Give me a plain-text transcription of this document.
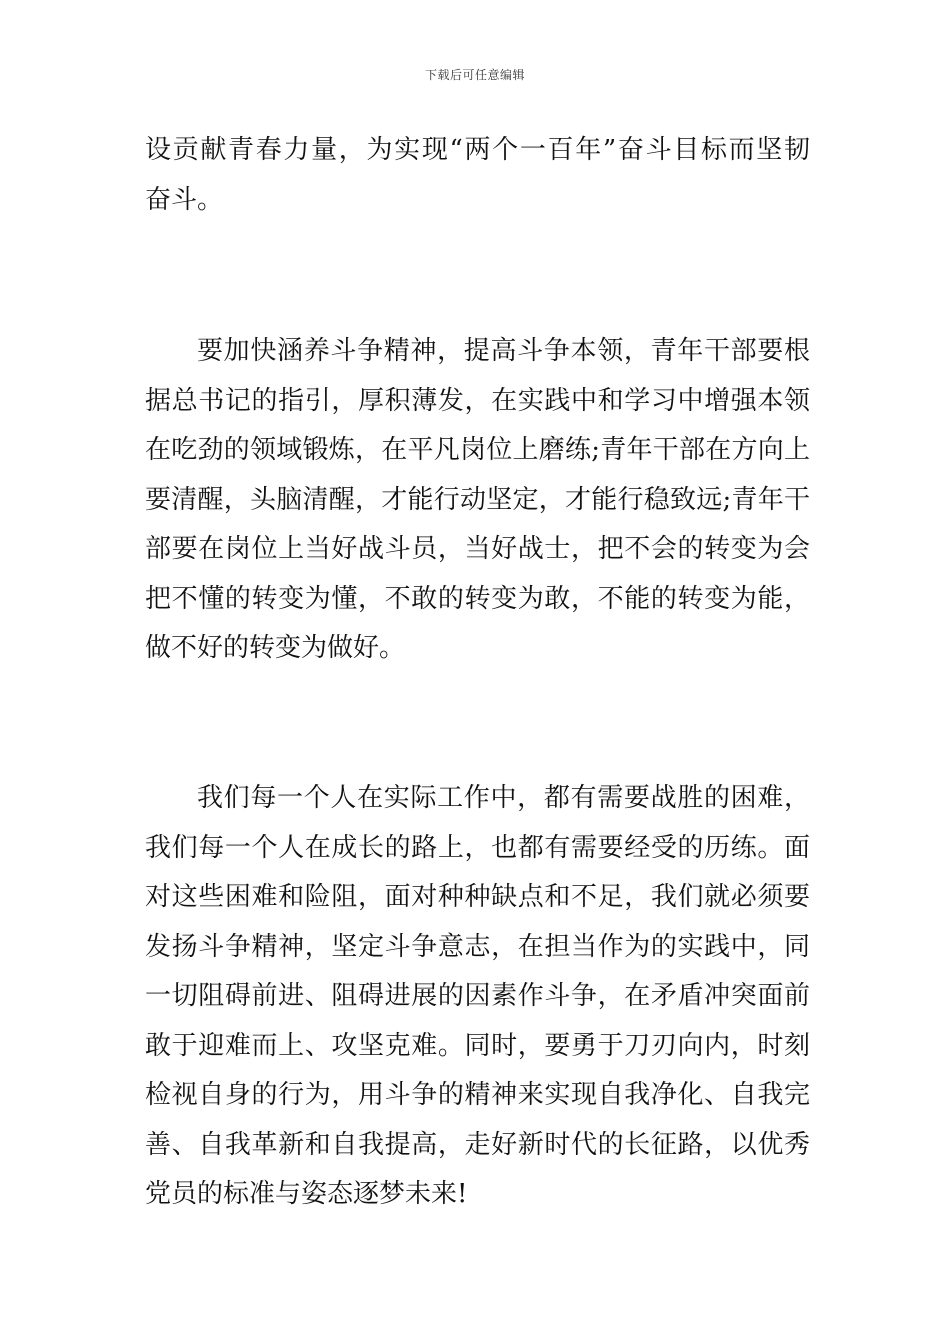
下载后可任意编辑
设贡献青春力量，为实现“两个一百年”奋斗目标而坚韧
奋斗。
要加快涵养斗争精神，提高斗争本领，青年干部要根
据总书记的指引，厚积薄发，在实践中和学习中增强本领
在吃劲的领域锻炼，在平凡岗位上磨练;青年干部在方向上
要清醒，头脑清醒，才能行动坚定，才能行稳致远;青年干
部要在岗位上当好战斗员，当好战士，把不会的转变为会
把不懂的转变为懂，不敢的转变为敢，不能的转变为能，
做不好的转变为做好。
我们每一个人在实际工作中，都有需要战胜的困难，
我们每一个人在成长的路上，也都有需要经受的历练。面
对这些困难和险阻，面对种种缺点和不足，我们就必须要
发扬斗争精神，坚定斗争意志，在担当作为的实践中，同
一切阻碍前进、阻碍进展的因素作斗争，在矛盾冲突面前
敢于迎难而上、攻坚克难。同时，要勇于刀刃向内，时刻
检视自身的行为，用斗争的精神来实现自我净化、自我完
善、自我革新和自我提高，走好新时代的长征路，以优秀
党员的标准与姿态逐梦未来!
